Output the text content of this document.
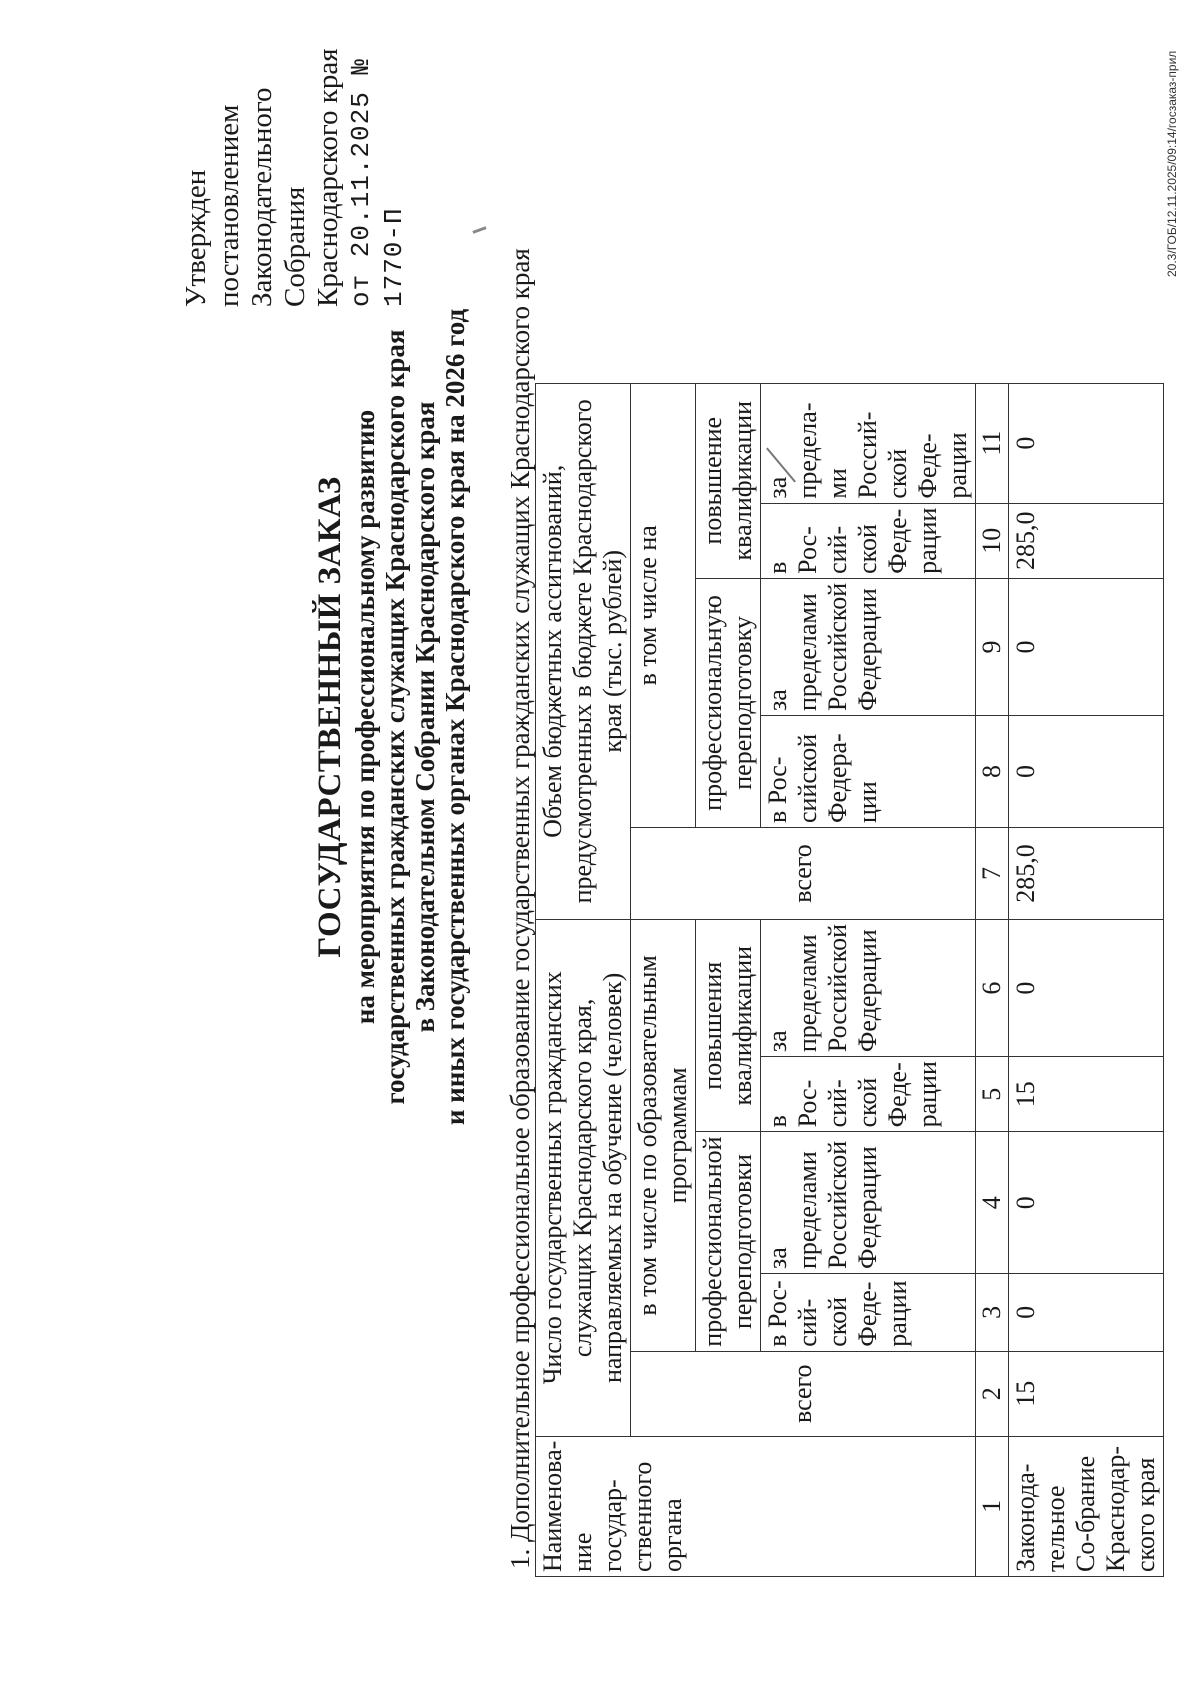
Утвержден постановлением Законодательного Собрания Краснодарского края от 20.11.2025 № 1770-П
ГОСУДАРСТВЕННЫЙ ЗАКАЗ на мероприятия по профессиональному развитию государственных гражданских служащих Краснодарского края в Законодательном Собрании Краснодарского края и иных государственных органах Краснодарского края на 2026 год 1. Дополнительное профессиональное образование государственных гражданских служащих Краснодарского края Наименова-ние государ-ственного органа	Число государственных гражданских служащих Краснодарского края, направляемых на обучение (человек)					Объем бюджетных ассигнований, предусмотренных в бюджете Краснодарского края (тыс. рублей)				
	всего	в том числе по образовательным программам				всего	в том числе на			
		профессиональной переподготовки		повышения квалификации			профессиональную переподготовку		повышение квалификации	
		в Рос-сий-ской Феде-рации	за пределами Российской Федерации	в Рос-сий-ской Феде-рации	за пределами Российской Федерации		в Рос-сийской Федера-ции	за пределами Российской Федерации	в Рос-сий-ской Феде-рации	за предела-ми Россий-ской Феде-рации
1	2	3	4	5	6	7	8	9	10	11
Законода-тельное Со-брание Краснодар-ского края	15	0	0	15	0	285,0	0	0	285,0	0
20.3/ГОБ/12.11.2025/09:14/госзаказ-прил
